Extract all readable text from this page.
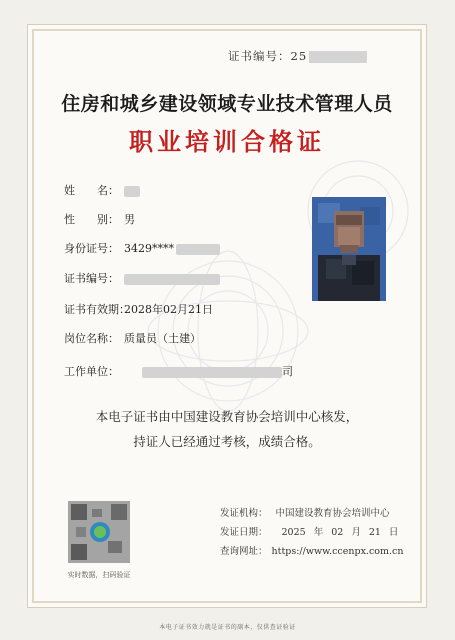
证书编号：25
住房和城乡建设领域专业技术管理人员
职业培训合格证
姓　　名：
性　　别： 男
身份证号： 3429****
证书编号：
证书有效期：2028年02月21日
岗位名称： 质量员（土建）
工作单位：	司
本电子证书由中国建设教育协会培训中心核发，
持证人已经通过考核，成绩合格。
实时数据，扫码验证
发证机构： 中国建设教育协会培训中心
发证日期： 2025 年 02 月 21 日
查询网址： https://www.ccenpx.com.cn
本电子证书效力就是证书的副本，仅供查证验证
